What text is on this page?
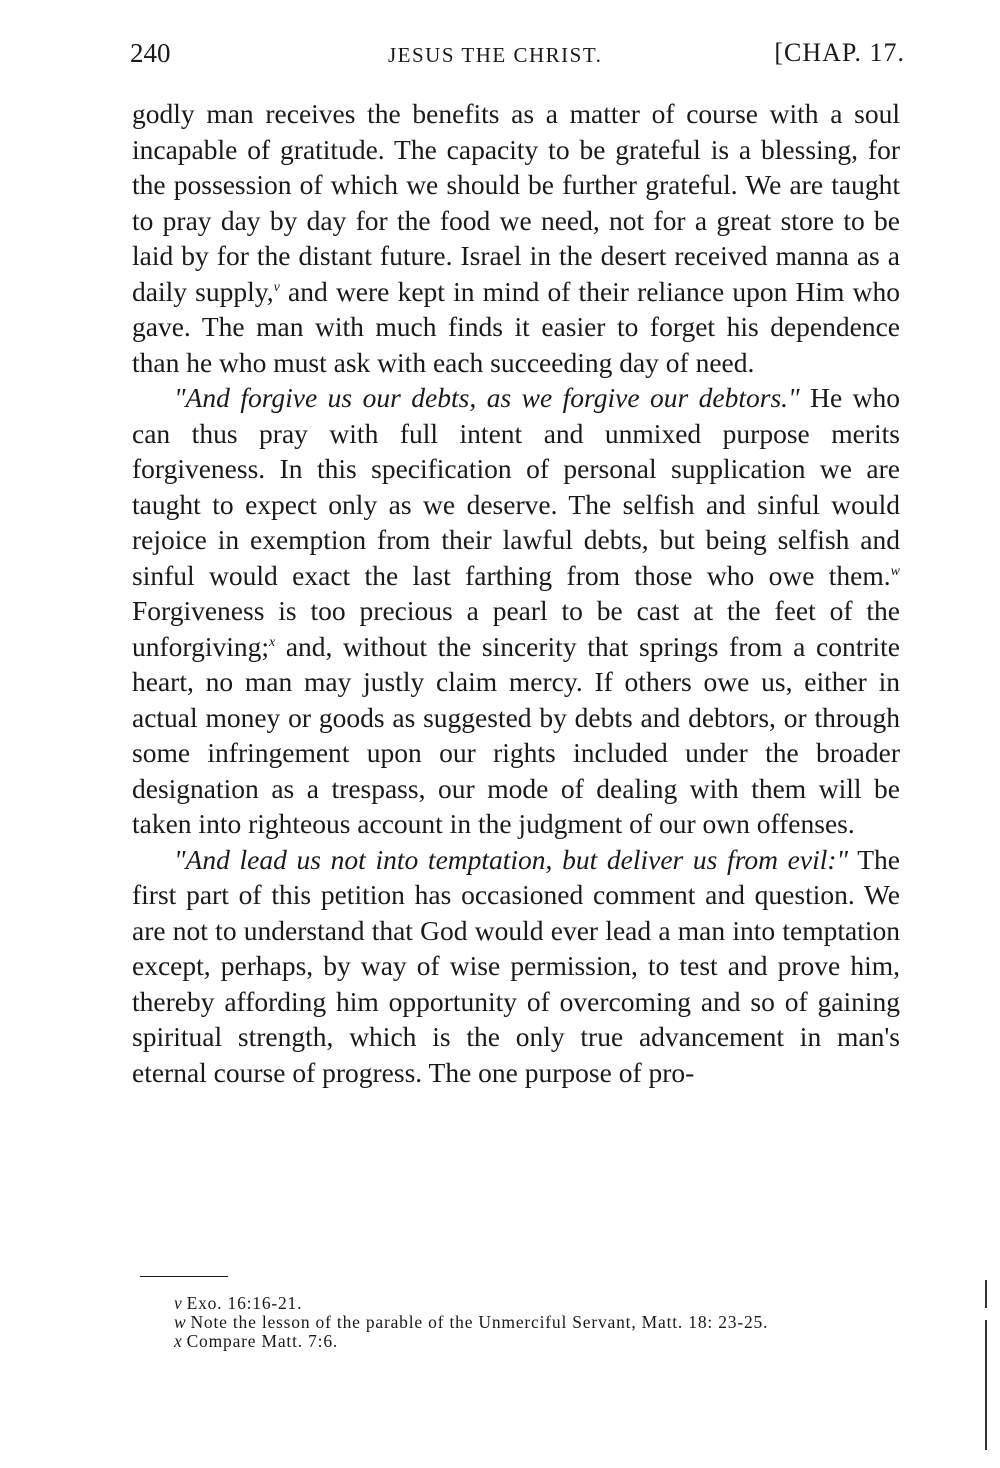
240	JESUS THE CHRIST.	[CHAP. 17.

godly man receives the benefits as a matter of course with a soul incapable of gratitude. The capacity to be grateful is a blessing, for the possession of which we should be further grateful. We are taught to pray day by day for the food we need, not for a great store to be laid by for the distant future. Israel in the desert received manna as a daily supply,$^v$ and were kept in mind of their reliance upon Him who gave. The man with much finds it easier to forget his dependence than he who must ask with each succeeding day of need.

"And forgive us our debts, as we forgive our debtors." He who can thus pray with full intent and unmixed purpose merits forgiveness. In this specification of personal supplication we are taught to expect only as we deserve. The selfish and sinful would rejoice in exemption from their lawful debts, but being selfish and sinful would exact the last farthing from those who owe them.$^w$ Forgiveness is too precious a pearl to be cast at the feet of the unforgiving;$^x$ and, without the sincerity that springs from a contrite heart, no man may justly claim mercy. If others owe us, either in actual money or goods as suggested by debts and debtors, or through some infringement upon our rights included under the broader designation as a trespass, our mode of dealing with them will be taken into righteous account in the judgment of our own offenses.

"And lead us not into temptation, but deliver us from evil:" The first part of this petition has occasioned comment and question. We are not to understand that God would ever lead a man into temptation except, perhaps, by way of wise permission, to test and prove him, thereby affording him opportunity of overcoming and so of gaining spiritual strength, which is the only true advancement in man's eternal course of progress. The one purpose of pro-

v Exo. 16:16-21.

w Note the lesson of the parable of the Unmerciful Servant, Matt. 18: 23-25.

x Compare Matt. 7:6.
